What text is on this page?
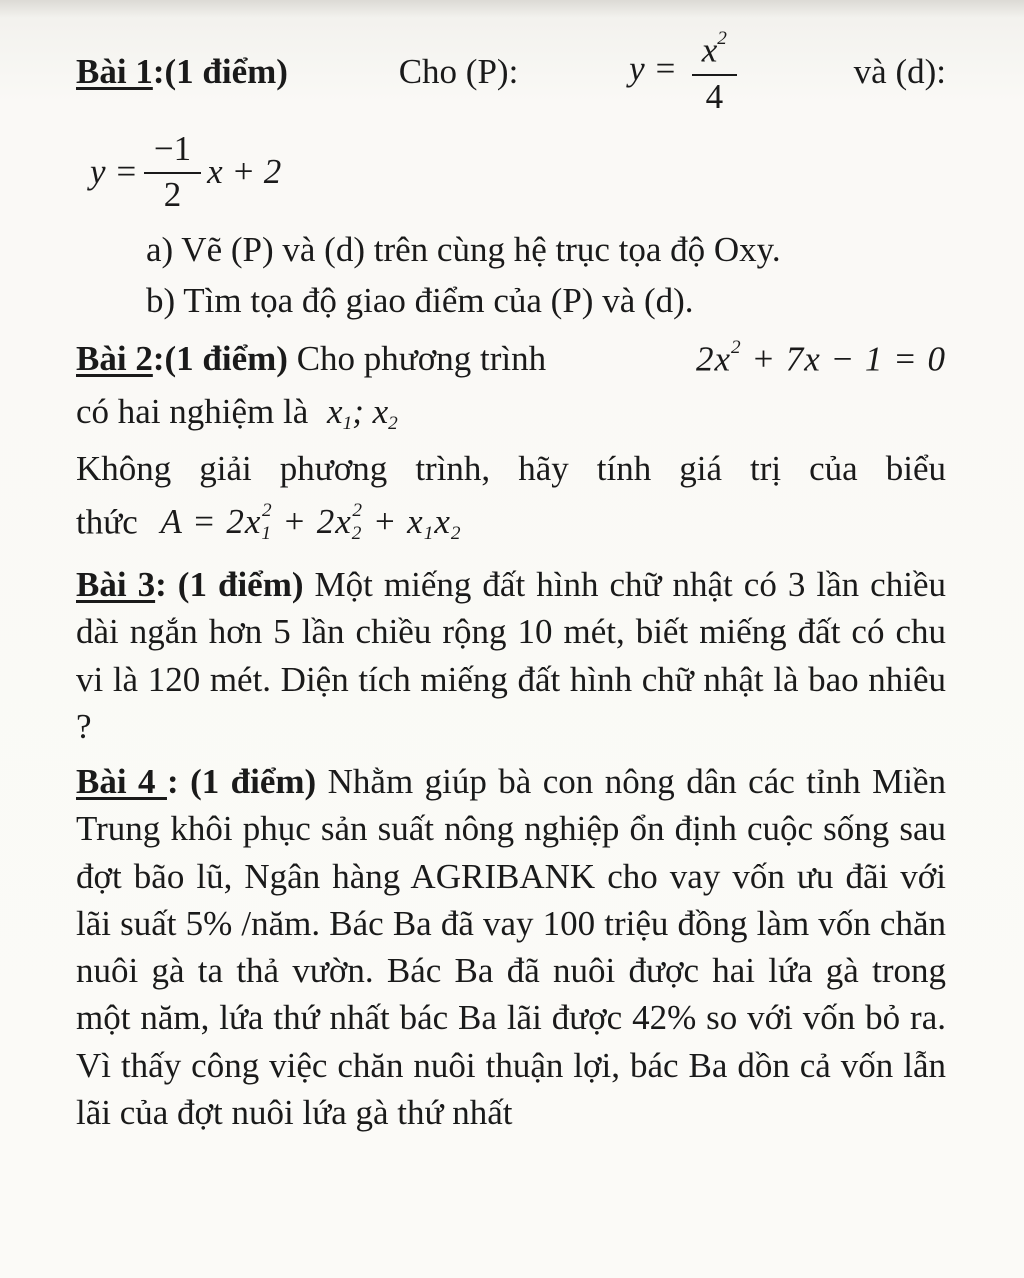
Bài 1:(1 điểm)	Cho (P):	$y = \frac{x^2}{4}$	và (d):
$y = \frac{-1}{2}$ x + 2

a) Vẽ (P) và (d) trên cùng hệ trục tọa độ Oxy.

b) Tìm tọa độ giao điểm của (P) và (d).

Bài 2:(1 điểm) Cho phương trình	$2x^2 + 7x - 1 = 0$
có hai nghiệm là $x_1$; $x_2$

Không giải phương trình, hãy tính giá trị của biểu

thức $A = 2x_1^2 + 2x_2^2 + x_1x_2$

Bài 3: (1 điểm) Một miếng đất hình chữ nhật có 3 lần chiều dài ngắn hơn 5 lần chiều rộng 10 mét, biết miếng đất có chu vi là 120 mét. Diện tích miếng đất hình chữ nhật là bao nhiêu ?

Bài 4 : (1 điểm) Nhằm giúp bà con nông dân các tỉnh Miền Trung khôi phục sản suất nông nghiệp ổn định cuộc sống sau đợt bão lũ, Ngân hàng AGRIBANK cho vay vốn ưu đãi với lãi suất 5% /năm. Bác Ba đã vay 100 triệu đồng làm vốn chăn nuôi gà ta thả vườn. Bác Ba đã nuôi được hai lứa gà trong một năm, lứa thứ nhất bác Ba lãi được 42% so với vốn bỏ ra. Vì thấy công việc chăn nuôi thuận lợi, bác Ba dồn cả vốn lẫn lãi của đợt nuôi lứa gà thứ nhất
